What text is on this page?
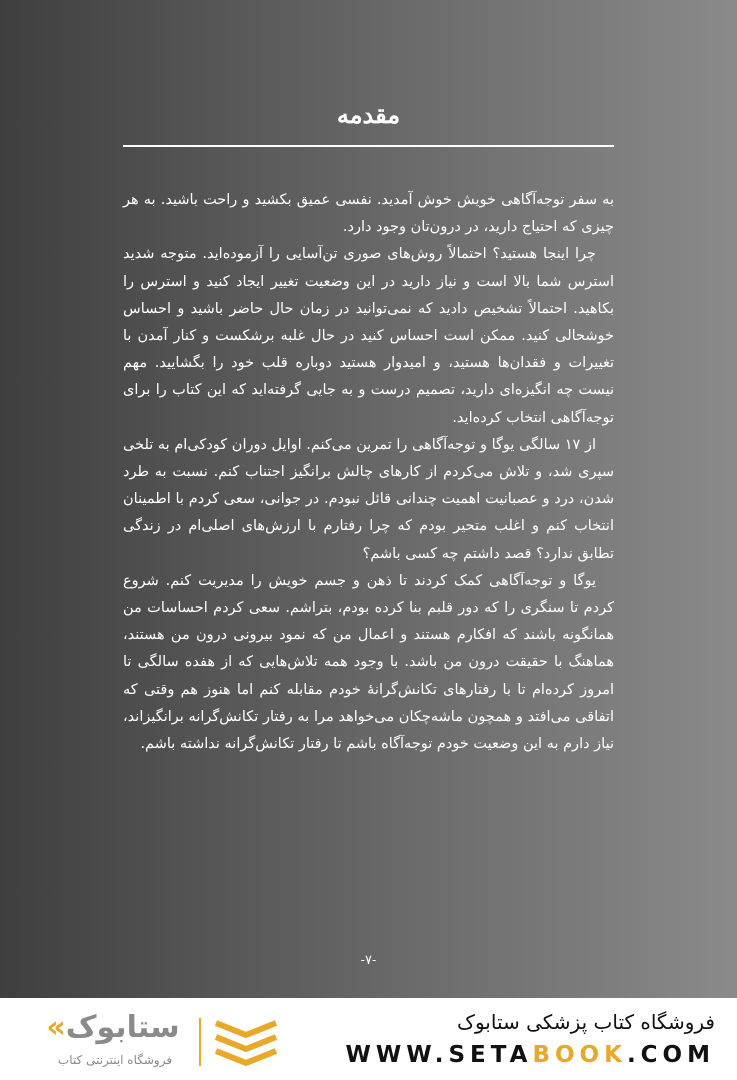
مقدمه

به سفر توجه‌آگاهی خویش خوش آمدید. نفسی عمیق بکشید و راحت باشید. به هر چیزی که احتیاج دارید، در درون‌تان وجود دارد.

چرا اینجا هستید؟ احتمالاً روش‌های صوری تن‌آسایی را آزموده‌اید. متوجه شدید استرس شما بالا است و نیاز دارید در این وضعیت تغییر ایجاد کنید و استرس را بکاهید. احتمالاً تشخیص دادید که نمی‌توانید در زمان حال حاضر باشید و احساس خوشحالی کنید. ممکن است احساس کنید در حال غلبه برشکست و کنار آمدن با تغییرات و فقدان‌ها هستید، و امیدوار هستید دوباره قلب خود را بگشایید. مهم نیست چه انگیزه‌ای دارید، تصمیم درست و به جایی گرفته‌اید که این کتاب را برای توجه‌آگاهی انتخاب کرده‌اید.

از ۱۷ سالگی یوگا و توجه‌آگاهی را تمرین می‌کنم. اوایل دوران کودکی‌ام به تلخی سپری شد، و تلاش می‌کردم از کارهای چالش برانگیز اجتناب کنم. نسبت به طرد شدن، درد و عصبانیت اهمیت چندانی قائل نبودم. در جوانی، سعی کردم با اطمینان انتخاب کنم و اغلب متحیر بودم که چرا رفتارم با ارزش‌های اصلی‌ام در زندگی تطابق ندارد؟ قصد داشتم چه کسی باشم؟

یوگا و توجه‌آگاهی کمک کردند تا ذهن و جسم خویش را مدیریت کنم. شروع کردم تا سنگری را که دور قلبم بنا کرده بودم، بتراشم. سعی کردم احساسات من همانگونه باشند که افکارم هستند و اعمال من که نمود بیرونی درون من هستند، هماهنگ با حقیقت درون من باشد. با وجود همه تلاش‌هایی که از هفده سالگی تا امروز کرده‌ام تا با رفتارهای تکانش‌گرانهٔ خودم مقابله کنم اما هنوز هم وقتی که اتفاقی می‌افتد و همچون ماشه‌چکان می‌خواهد مرا به رفتار تکانش‌گرانه برانگیزاند، نیاز دارم به این وضعیت خودم توجه‌آگاه باشم تا رفتار تکانش‌گرانه نداشته باشم.

-۷-
«ستابوک
فروشگاه اینترنتی کتاب
فروشگاه کتاب پزشکی ستابوک
WWW.SETABOOK.COM
